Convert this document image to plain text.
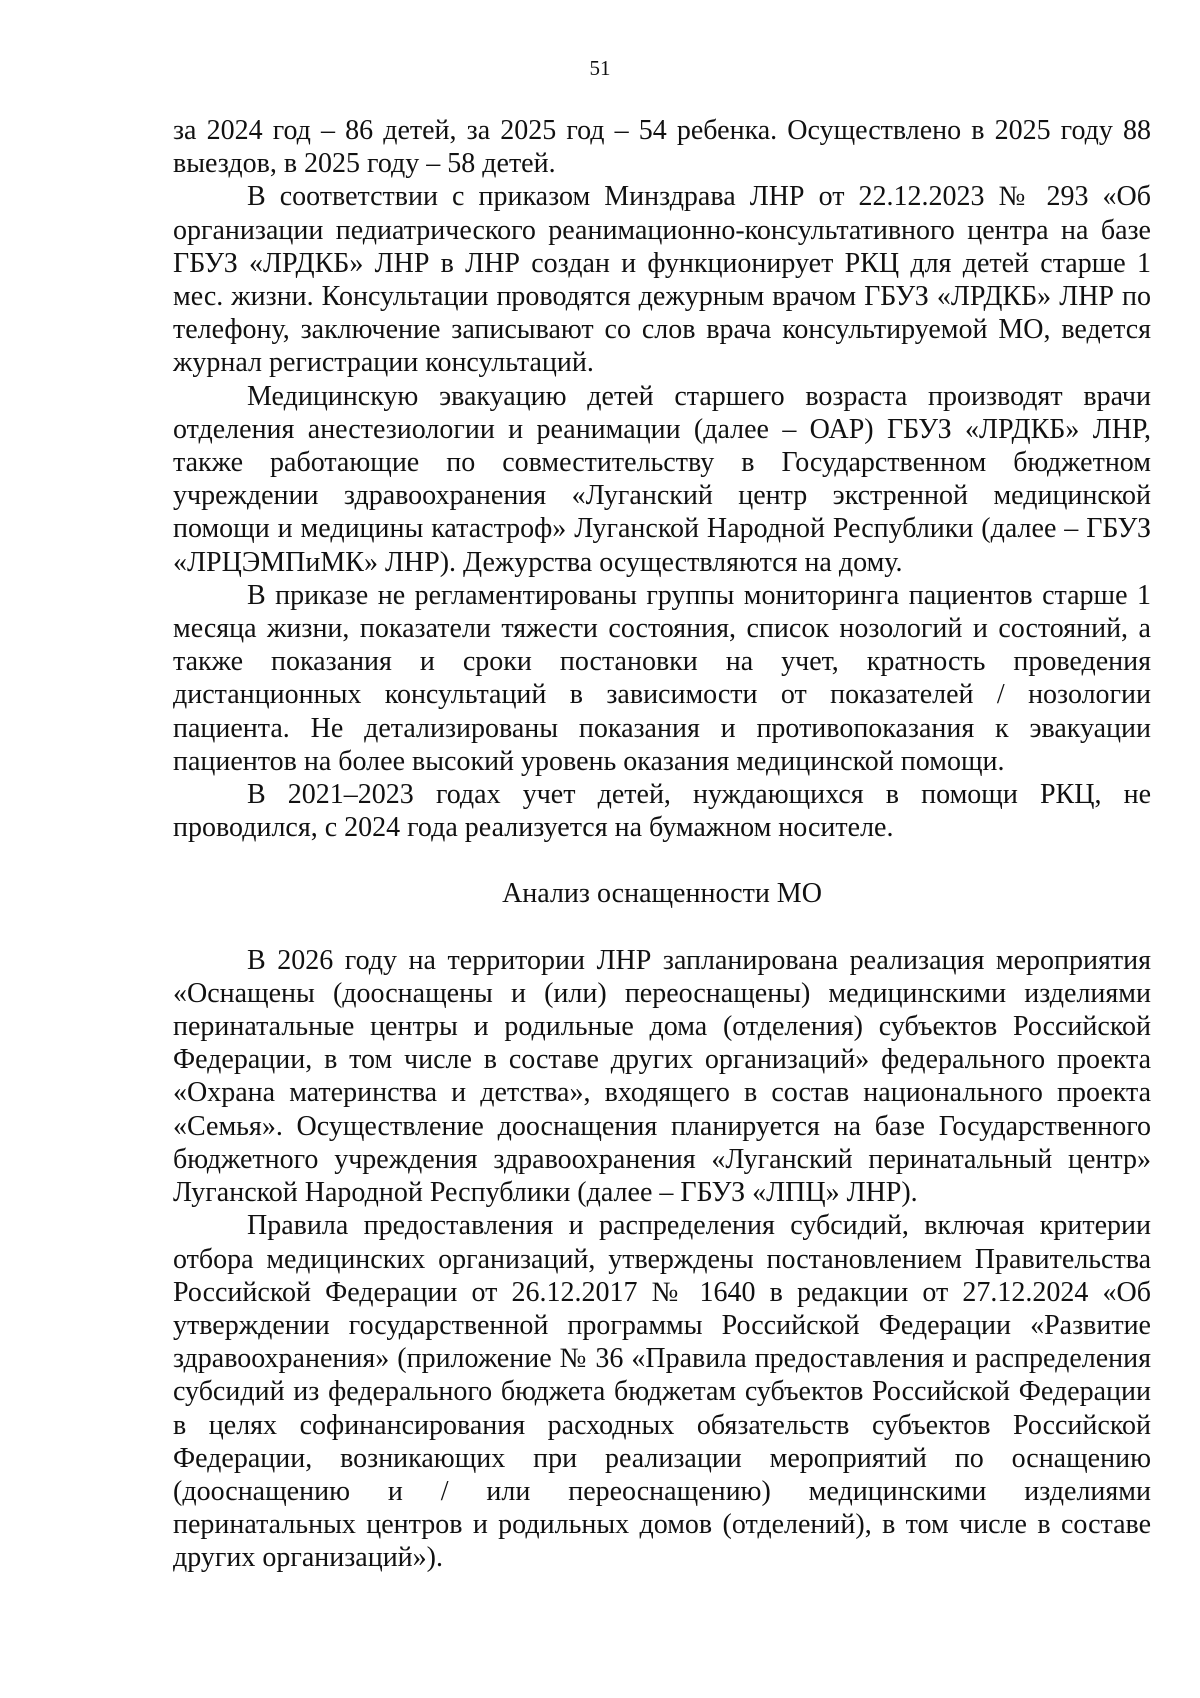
51

за 2024 год – 86 детей, за 2025 год – 54 ребенка. Осуществлено в 2025 году 88 выездов, в 2025 году – 58 детей.

В соответствии с приказом Минздрава ЛНР от 22.12.2023 № 293 «Об организации педиатрического реанимационно-консультативного центра на базе ГБУЗ «ЛРДКБ» ЛНР в ЛНР создан и функционирует РКЦ для детей старше 1 мес. жизни. Консультации проводятся дежурным врачом ГБУЗ «ЛРДКБ» ЛНР по телефону, заключение записывают со слов врача консультируемой МО, ведется журнал регистрации консультаций.

Медицинскую эвакуацию детей старшего возраста производят врачи отделения анестезиологии и реанимации (далее – ОАР) ГБУЗ «ЛРДКБ» ЛНР, также работающие по совместительству в Государственном бюджетном учреждении здравоохранения «Луганский центр экстренной медицинской помощи и медицины катастроф» Луганской Народной Республики (далее – ГБУЗ «ЛРЦЭМПиМК» ЛНР). Дежурства осуществляются на дому.

В приказе не регламентированы группы мониторинга пациентов старше 1 месяца жизни, показатели тяжести состояния, список нозологий и состояний, а также показания и сроки постановки на учет, кратность проведения дистанционных консультаций в зависимости от показателей / нозологии пациента. Не детализированы показания и противопоказания к эвакуации пациентов на более высокий уровень оказания медицинской помощи.

В 2021–2023 годах учет детей, нуждающихся в помощи РКЦ, не проводился, с 2024 года реализуется на бумажном носителе.

Анализ оснащенности МО

В 2026 году на территории ЛНР запланирована реализация мероприятия «Оснащены (дооснащены и (или) переоснащены) медицинскими изделиями перинатальные центры и родильные дома (отделения) субъектов Российской Федерации, в том числе в составе других организаций» федерального проекта «Охрана материнства и детства», входящего в состав национального проекта «Семья». Осуществление дооснащения планируется на базе Государственного бюджетного учреждения здравоохранения «Луганский перинатальный центр» Луганской Народной Республики (далее – ГБУЗ «ЛПЦ» ЛНР).

Правила предоставления и распределения субсидий, включая критерии отбора медицинских организаций, утверждены постановлением Правительства Российской Федерации от 26.12.2017 № 1640 в редакции от 27.12.2024 «Об утверждении государственной программы Российской Федерации «Развитие здравоохранения» (приложение № 36 «Правила предоставления и распределения субсидий из федерального бюджета бюджетам субъектов Российской Федерации в целях софинансирования расходных обязательств субъектов Российской Федерации, возникающих при реализации мероприятий по оснащению (дооснащению и / или переоснащению) медицинскими изделиями перинатальных центров и родильных домов (отделений), в том числе в составе других организаций»).
